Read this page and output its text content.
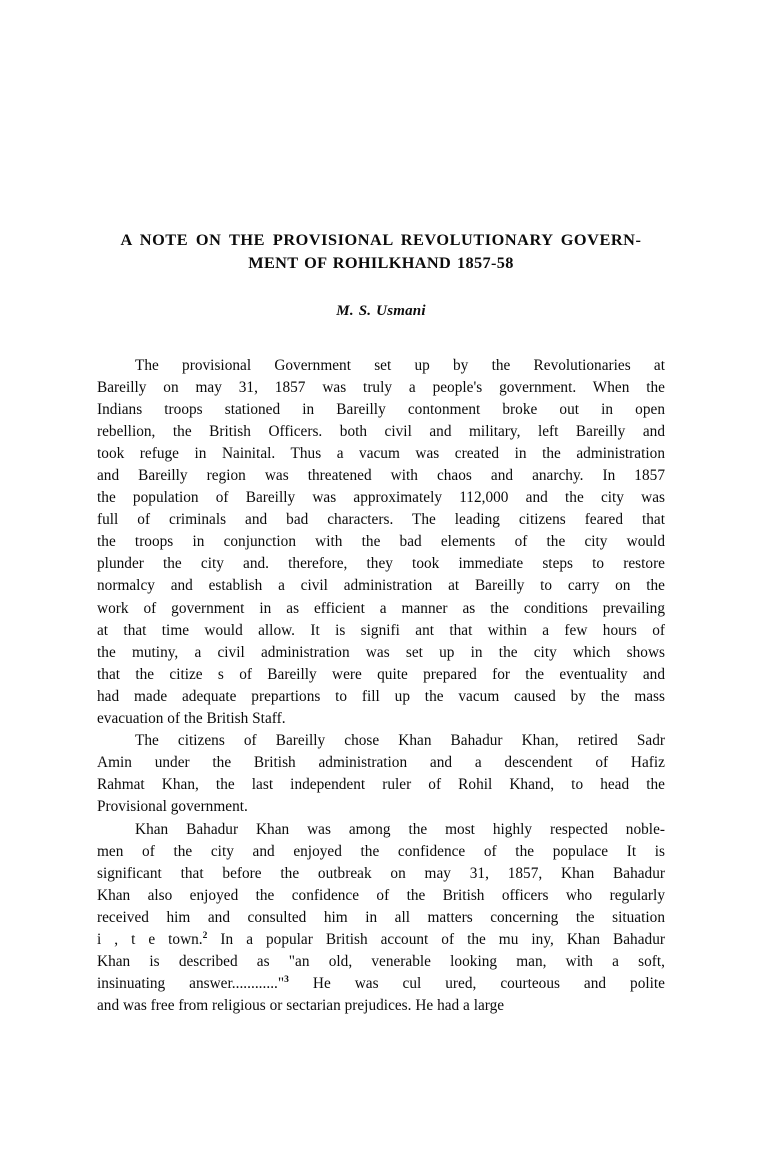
A NOTE ON THE PROVISIONAL REVOLUTIONARY GOVERN-
MENT OF ROHILKHAND 1857-58

M. S. Usmani

The provisional Government set up by the Revolutionaries at
Bareilly on may 31, 1857 was truly a people's government. When the
Indians troops stationed in Bareilly contonment broke out in open
rebellion, the British Officers. both civil and military, left Bareilly and
took refuge in Nainital. Thus a vacum was created in the administration
and Bareilly region was threatened with chaos and anarchy. In 1857
the population of Bareilly was approximately 112,000 and the city was
full of criminals and bad characters. The leading citizens feared that
the troops in conjunction with the bad elements of the city would
plunder the city and. therefore, they took immediate steps to restore
normalcy and establish a civil administration at Bareilly to carry on the
work of government in as efficient a manner as the conditions prevailing
at that time would allow. It is signifi ant that within a few hours of
the mutiny, a civil administration was set up in the city which shows
that the citize s of Bareilly were quite prepared for the eventuality and
had made adequate prepartions to fill up the vacum caused by the mass
evacuation of the British Staff.

The citizens of Bareilly chose Khan Bahadur Khan, retired Sadr
Amin under the British administration and a descendent of Hafiz
Rahmat Khan, the last independent ruler of Rohil Khand, to head the
Provisional government.

Khan Bahadur Khan was among the most highly respected noble-
men of the city and enjoyed the confidence of the populace It is
significant that before the outbreak on may 31, 1857, Khan Bahadur
Khan also enjoyed the confidence of the British officers who regularly
received him and consulted him in all matters concerning the situation
i , t e town.$^2$ In a popular British account of the mu iny, Khan Bahadur
Khan is described as "an old, venerable looking man, with a soft,
insinuating answer............"$^3$ He was cul ured, courteous and polite
and was free from religious or sectarian prejudices. He had a large
